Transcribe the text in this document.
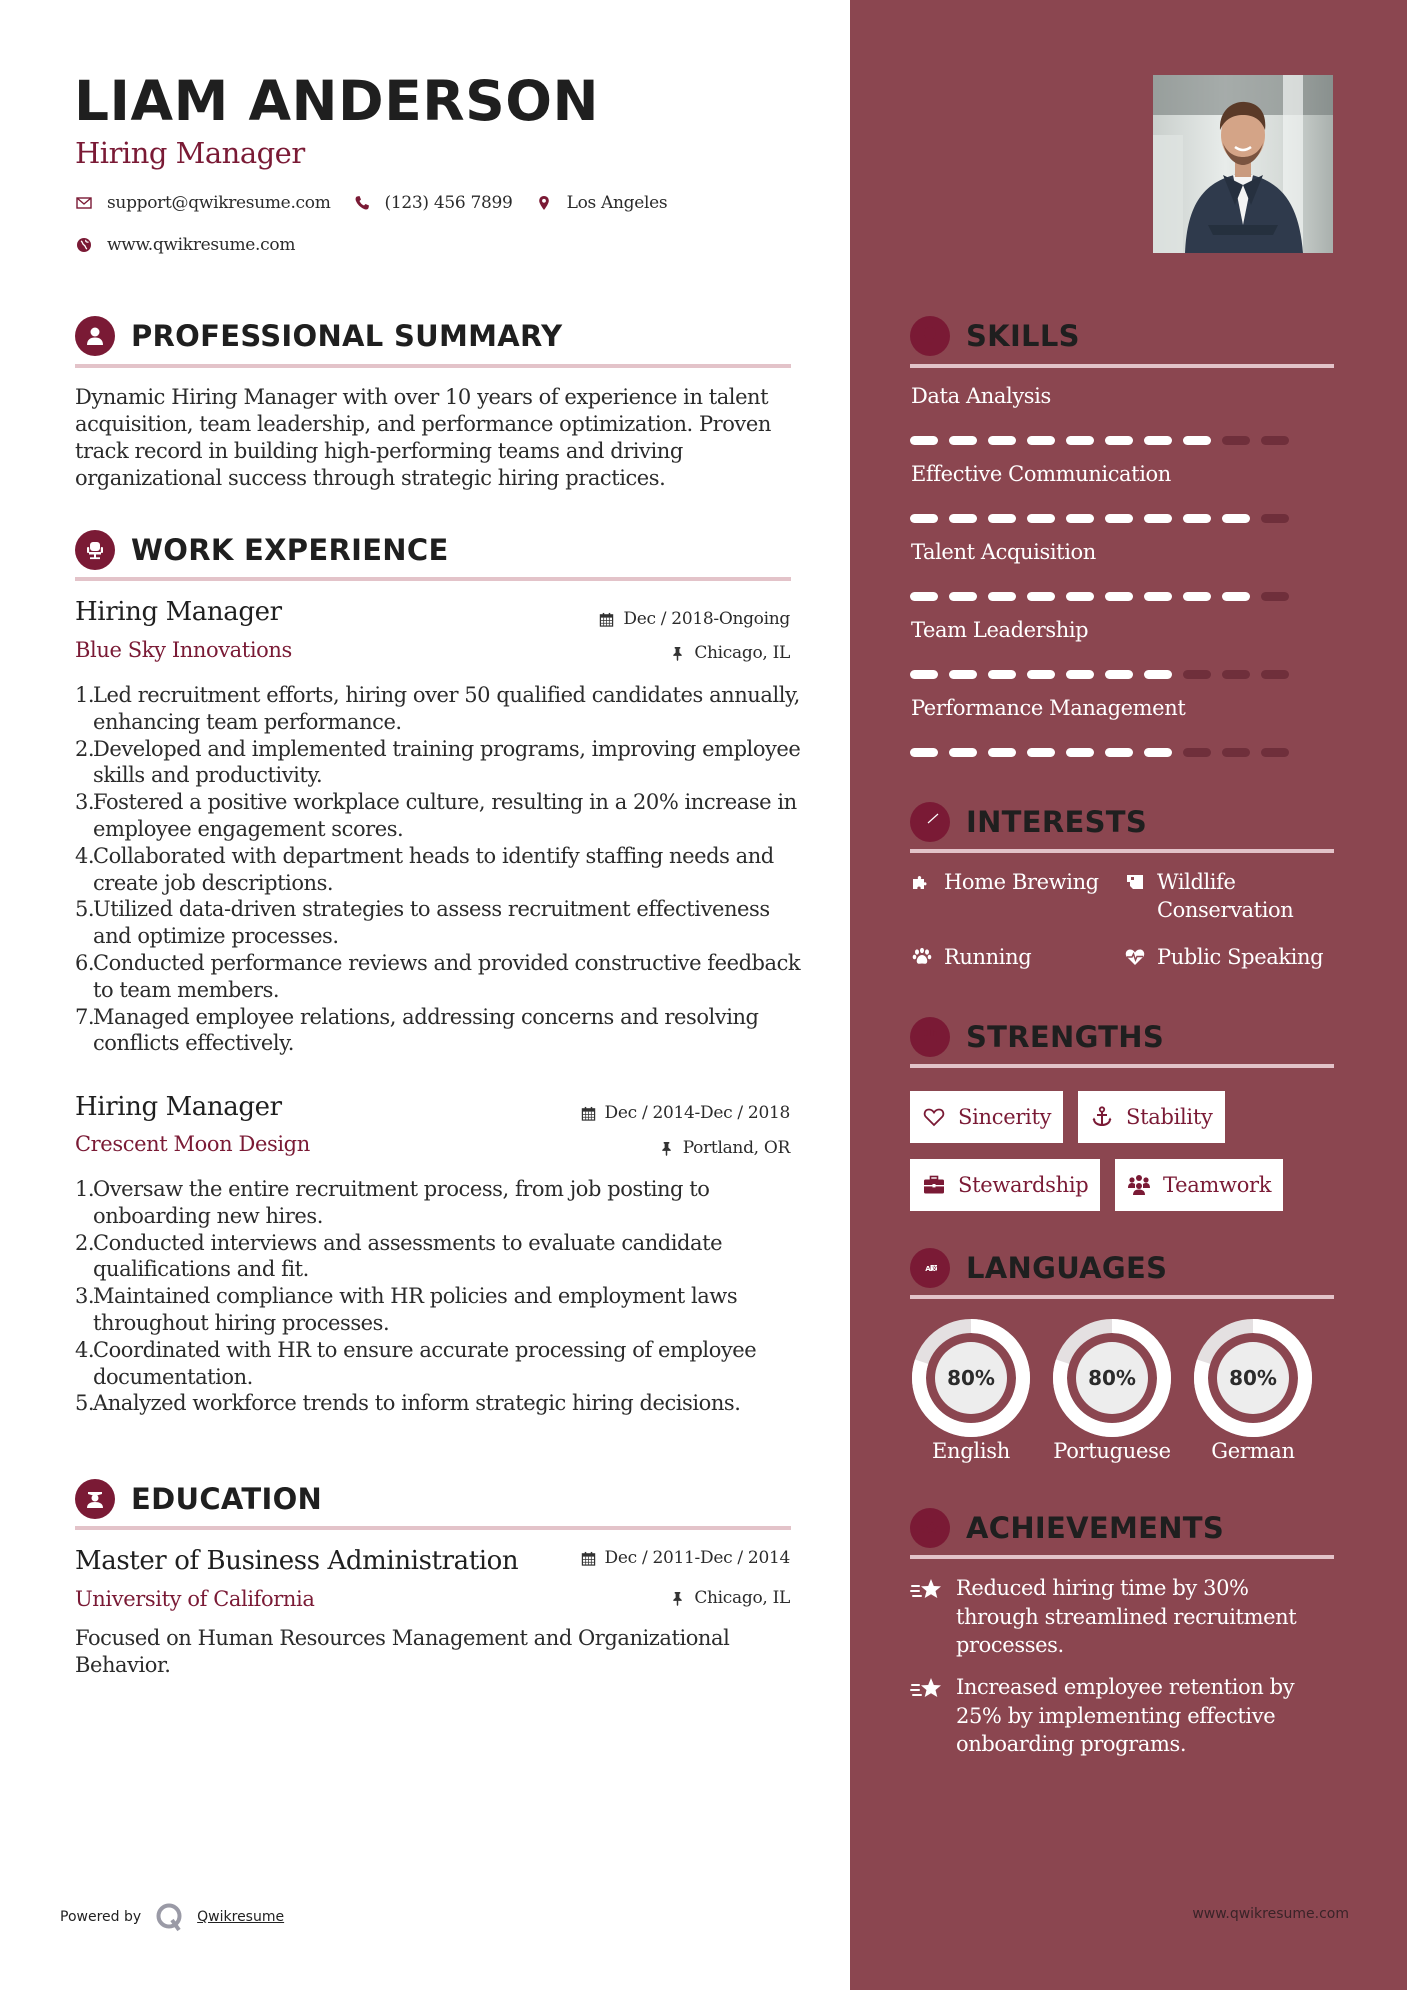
LIAM ANDERSON
Hiring Manager
support@qwikresume.com	(123) 456 7899	Los Angeles
www.qwikresume.com
PROFESSIONAL SUMMARY
Dynamic Hiring Manager with over 10 years of experience in talent acquisition, team leadership, and performance optimization. Proven track record in building high-performing teams and driving organizational success through strategic hiring practices.
WORK EXPERIENCE
Hiring Manager	Dec / 2018-Ongoing
Blue Sky Innovations	Chicago, IL
1.
Led recruitment efforts, hiring over 50 qualified candidates annually, enhancing team performance.
2.
Developed and implemented training programs, improving employee skills and productivity.
3.
Fostered a positive workplace culture, resulting in a 20% increase in employee engagement scores.
4.
Collaborated with department heads to identify staffing needs and create job descriptions.
5.
Utilized data-driven strategies to assess recruitment effectiveness and optimize processes.
6.
Conducted performance reviews and provided constructive feedback to team members.
7.
Managed employee relations, addressing concerns and resolving conflicts effectively.
Hiring Manager	Dec / 2014-Dec / 2018
Crescent Moon Design	Portland, OR
1.
Oversaw the entire recruitment process, from job posting to onboarding new hires.
2.
Conducted interviews and assessments to evaluate candidate qualifications and fit.
3.
Maintained compliance with HR policies and employment laws throughout hiring processes.
4.
Coordinated with HR to ensure accurate processing of employee documentation.
5.
Analyzed workforce trends to inform strategic hiring decisions.
EDUCATION
Master of Business Administration	Dec / 2011-Dec / 2014
University of California	Chicago, IL
Focused on Human Resources Management and Organizational Behavior.
Powered by	Qwikresume
SKILLS
Data Analysis
Effective Communication
Talent Acquisition
Team Leadership
Performance Management
INTERESTS
Home Brewing	Wildlife Conservation
Running	Public Speaking
STRENGTHS
Sincerity	Stability
Stewardship	Teamwork
A 文 LANGUAGES
80%
English
80%
Portuguese
80%
German
ACHIEVEMENTS
Reduced hiring time by 30% through streamlined recruitment processes.
Increased employee retention by 25% by implementing effective onboarding programs.
www.qwikresume.com
